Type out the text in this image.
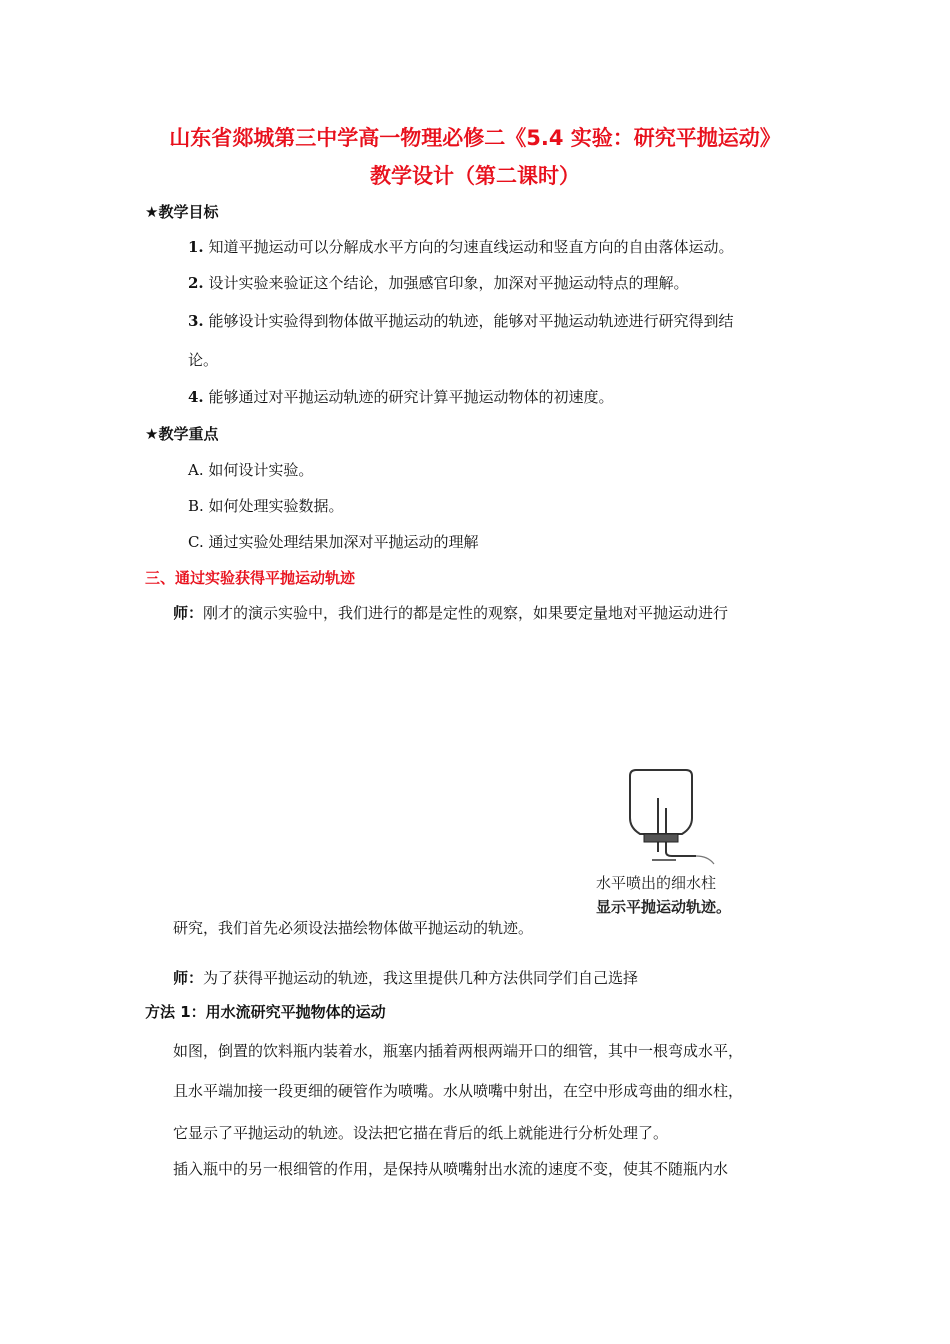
山东省郯城第三中学高一物理必修二《5.4 实验：研究平抛运动》
教学设计（第二课时）
★教学目标
1. 知道平抛运动可以分解成水平方向的匀速直线运动和竖直方向的自由落体运动。
2. 设计实验来验证这个结论，加强感官印象，加深对平抛运动特点的理解。
3. 能够设计实验得到物体做平抛运动的轨迹，能够对平抛运动轨迹进行研究得到结
论。
4. 能够通过对平抛运动轨迹的研究计算平抛运动物体的初速度。
★教学重点
A. 如何设计实验。
B. 如何处理实验数据。
C. 通过实验处理结果加深对平抛运动的理解
三、通过实验获得平抛运动轨迹
师：刚才的演示实验中，我们进行的都是定性的观察，如果要定量地对平抛运动进行
水平喷出的细水柱
显示平抛运动轨迹。
研究，我们首先必须设法描绘物体做平抛运动的轨迹。
师：为了获得平抛运动的轨迹，我这里提供几种方法供同学们自己选择
方法 1：用水流研究平抛物体的运动
如图，倒置的饮料瓶内装着水，瓶塞内插着两根两端开口的细管，其中一根弯成水平，
且水平端加接一段更细的硬管作为喷嘴。水从喷嘴中射出，在空中形成弯曲的细水柱，
它显示了平抛运动的轨迹。设法把它描在背后的纸上就能进行分析处理了。
插入瓶中的另一根细管的作用，是保持从喷嘴射出水流的速度不变，使其不随瓶内水
